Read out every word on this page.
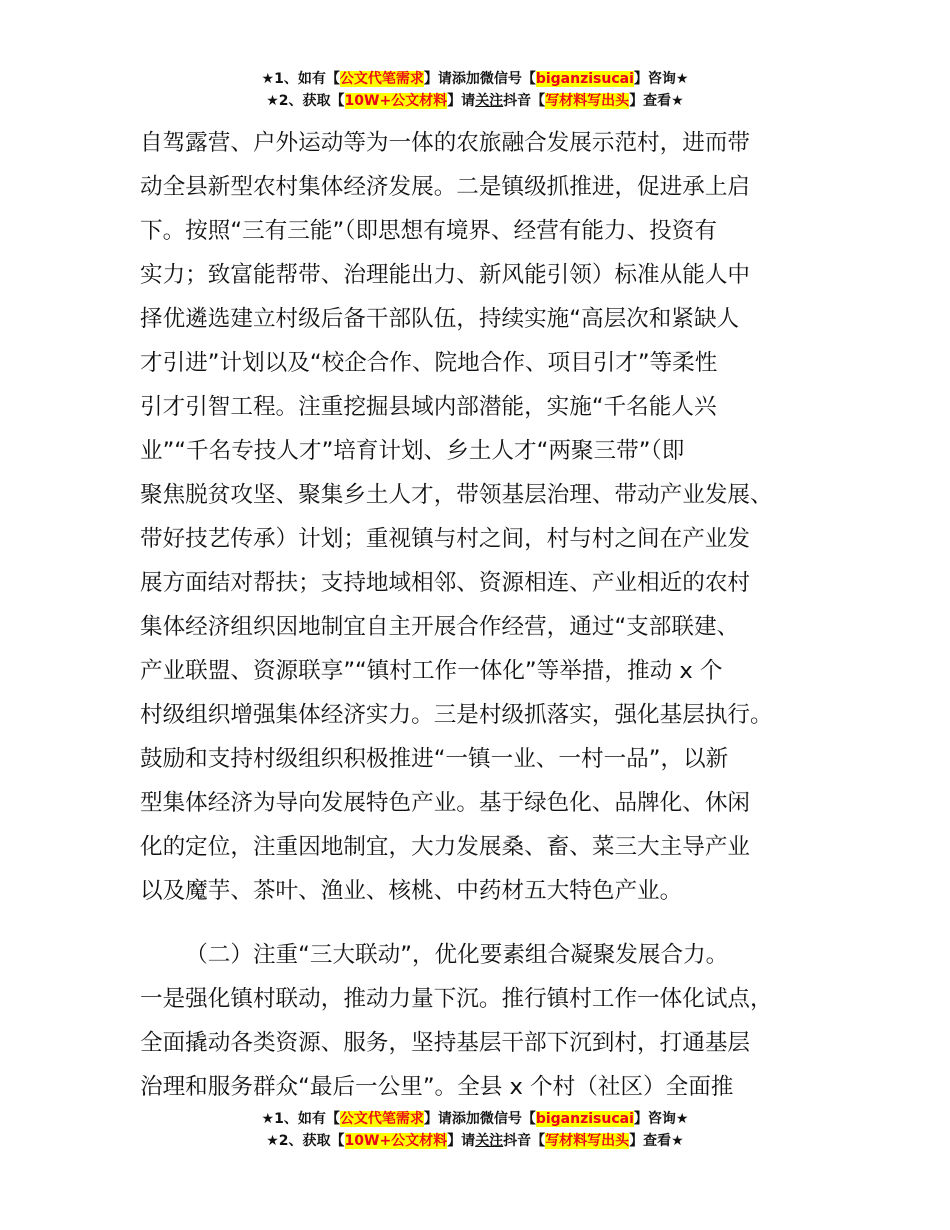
★1、如有【公文代笔需求】请添加微信号【biganzisucai】咨询★
★2、获取【10W+公文材料】请关注抖音【写材料写出头】查看★

自驾露营、户外运动等为一体的农旅融合发展示范村，进而带
动全县新型农村集体经济发展。二是镇级抓推进，促进承上启
下。按照“三有三能”（即思想有境界、经营有能力、投资有
实力；致富能帮带、治理能出力、新风能引领）标准从能人中
择优遴选建立村级后备干部队伍，持续实施“高层次和紧缺人
才引进”计划以及“校企合作、院地合作、项目引才”等柔性
引才引智工程。注重挖掘县域内部潜能，实施“千名能人兴
业”“千名专技人才”培育计划、乡土人才“两聚三带”（即
聚焦脱贫攻坚、聚集乡土人才，带领基层治理、带动产业发展、
带好技艺传承）计划；重视镇与村之间，村与村之间在产业发
展方面结对帮扶；支持地域相邻、资源相连、产业相近的农村
集体经济组织因地制宜自主开展合作经营，通过“支部联建、
产业联盟、资源联享”“镇村工作一体化”等举措，推动 x 个
村级组织增强集体经济实力。三是村级抓落实，强化基层执行。
鼓励和支持村级组织积极推进“一镇一业、一村一品”，以新
型集体经济为导向发展特色产业。基于绿色化、品牌化、休闲
化的定位，注重因地制宜，大力发展桑、畜、菜三大主导产业
以及魔芋、茶叶、渔业、核桃、中药材五大特色产业。

（二）注重“三大联动”，优化要素组合凝聚发展合力。

一是强化镇村联动，推动力量下沉。推行镇村工作一体化试点，
全面撬动各类资源、服务，坚持基层干部下沉到村，打通基层
治理和服务群众“最后一公里”。全县 x 个村（社区）全面推

★1、如有【公文代笔需求】请添加微信号【biganzisucai】咨询★
★2、获取【10W+公文材料】请关注抖音【写材料写出头】查看★
